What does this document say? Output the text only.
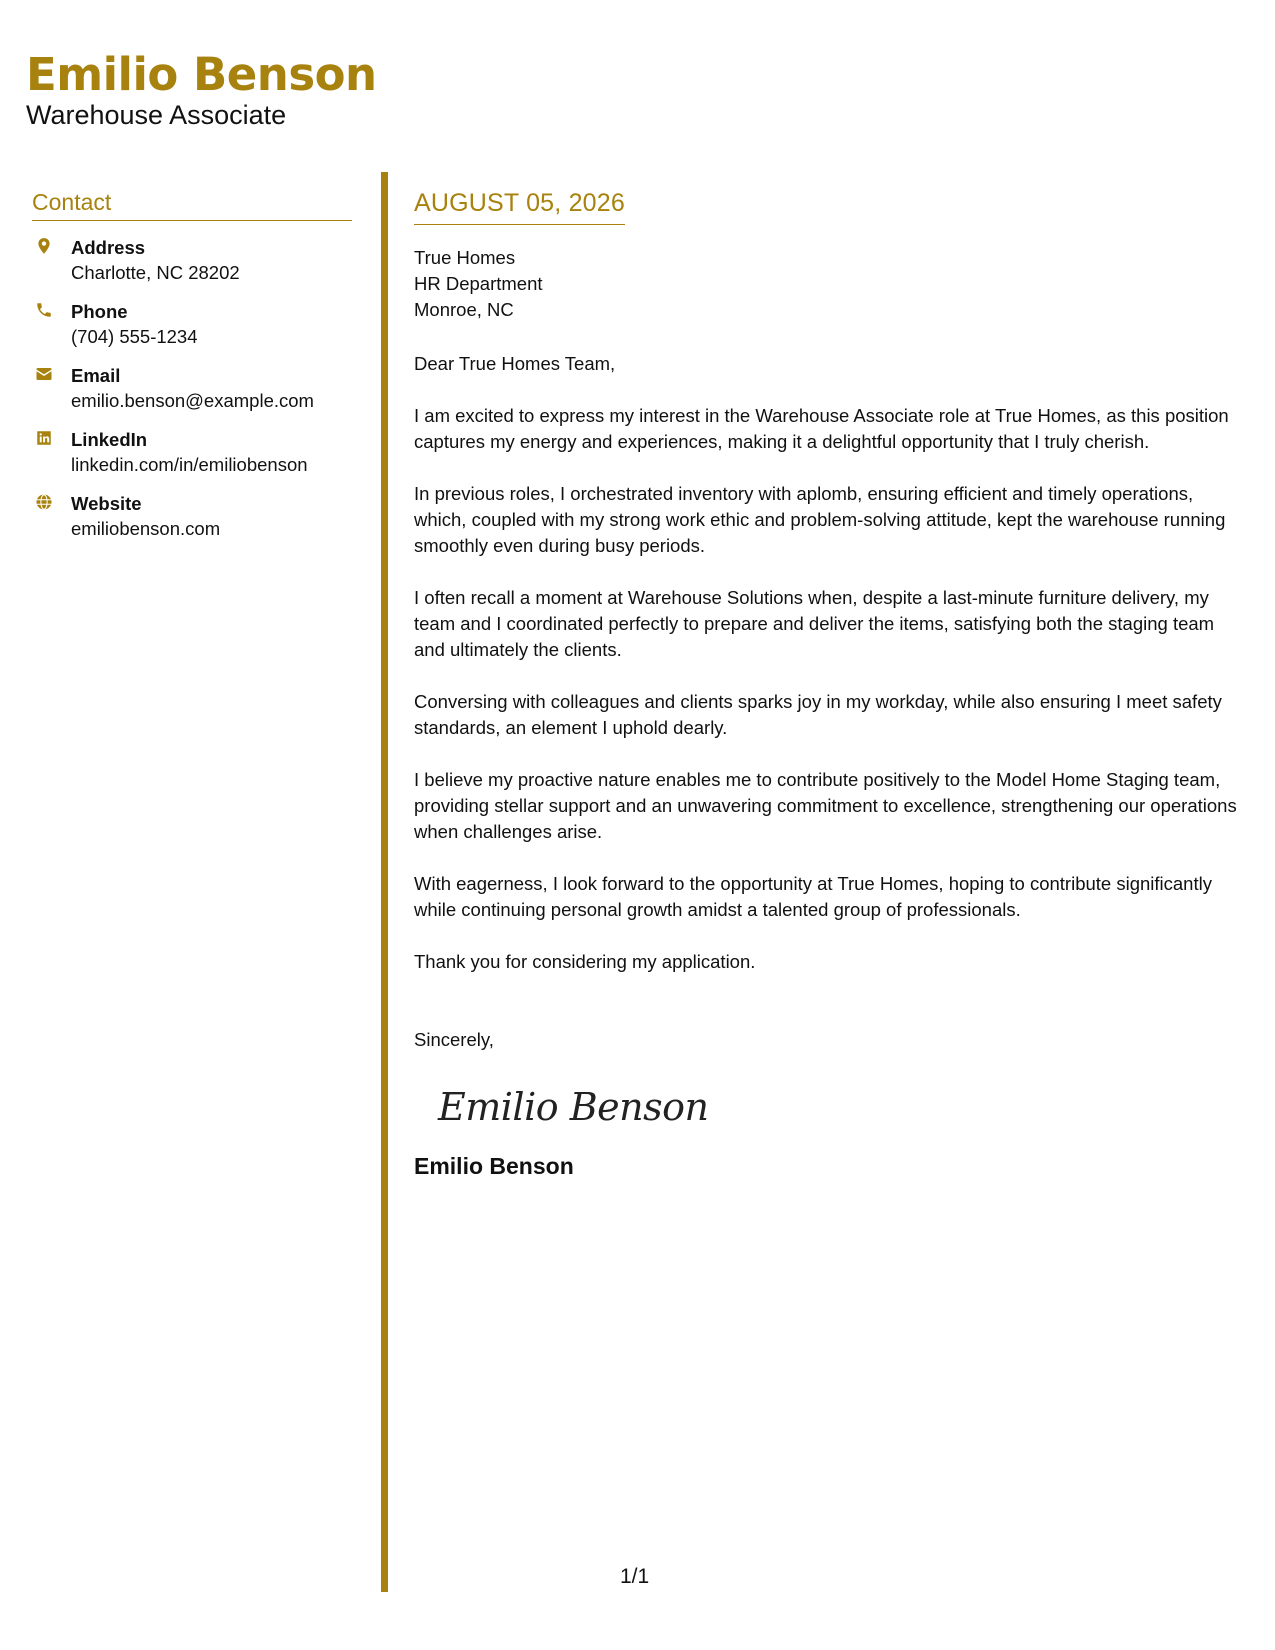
Emilio Benson
Warehouse Associate
Contact
Address
Charlotte, NC 28202
Phone
(704) 555-1234
Email
emilio.benson@example.com
LinkedIn
linkedin.com/in/emiliobenson
Website
emiliobenson.com
AUGUST 05, 2026
True Homes
HR Department
Monroe, NC
Dear True Homes Team,
I am excited to express my interest in the Warehouse Associate role at True Homes, as this position captures my energy and experiences, making it a delightful opportunity that I truly cherish.
In previous roles, I orchestrated inventory with aplomb, ensuring efficient and timely operations, which, coupled with my strong work ethic and problem-solving attitude, kept the warehouse running smoothly even during busy periods.
I often recall a moment at Warehouse Solutions when, despite a last-minute furniture delivery, my team and I coordinated perfectly to prepare and deliver the items, satisfying both the staging team and ultimately the clients.
Conversing with colleagues and clients sparks joy in my workday, while also ensuring I meet safety standards, an element I uphold dearly.
I believe my proactive nature enables me to contribute positively to the Model Home Staging team, providing stellar support and an unwavering commitment to excellence, strengthening our operations when challenges arise.
With eagerness, I look forward to the opportunity at True Homes, hoping to contribute significantly while continuing personal growth amidst a talented group of professionals.
Thank you for considering my application.
Sincerely,
Emilio Benson
Emilio Benson
1/1
